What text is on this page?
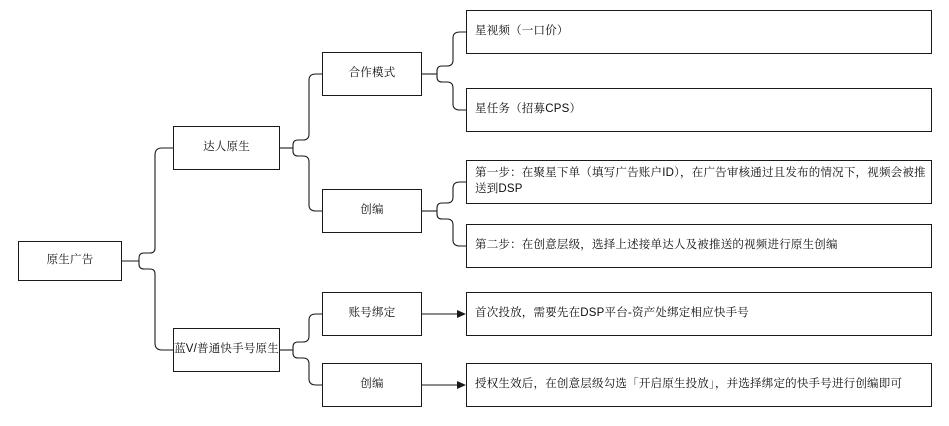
原生广告
达人原生
蓝V/普通快手号原生
合作模式
创编
账号绑定
创编
星视频（一口价）
星任务（招募CPS）
第一步：在聚星下单（填写广告账户ID），在广告审核通过且发布的情况下，视频会被推送到DSP
第二步：在创意层级，选择上述接单达人及被推送的视频进行原生创编
首次投放，需要先在DSP平台-资产处绑定相应快手号
授权生效后，在创意层级勾选「开启原生投放」，并选择绑定的快手号进行创编即可
